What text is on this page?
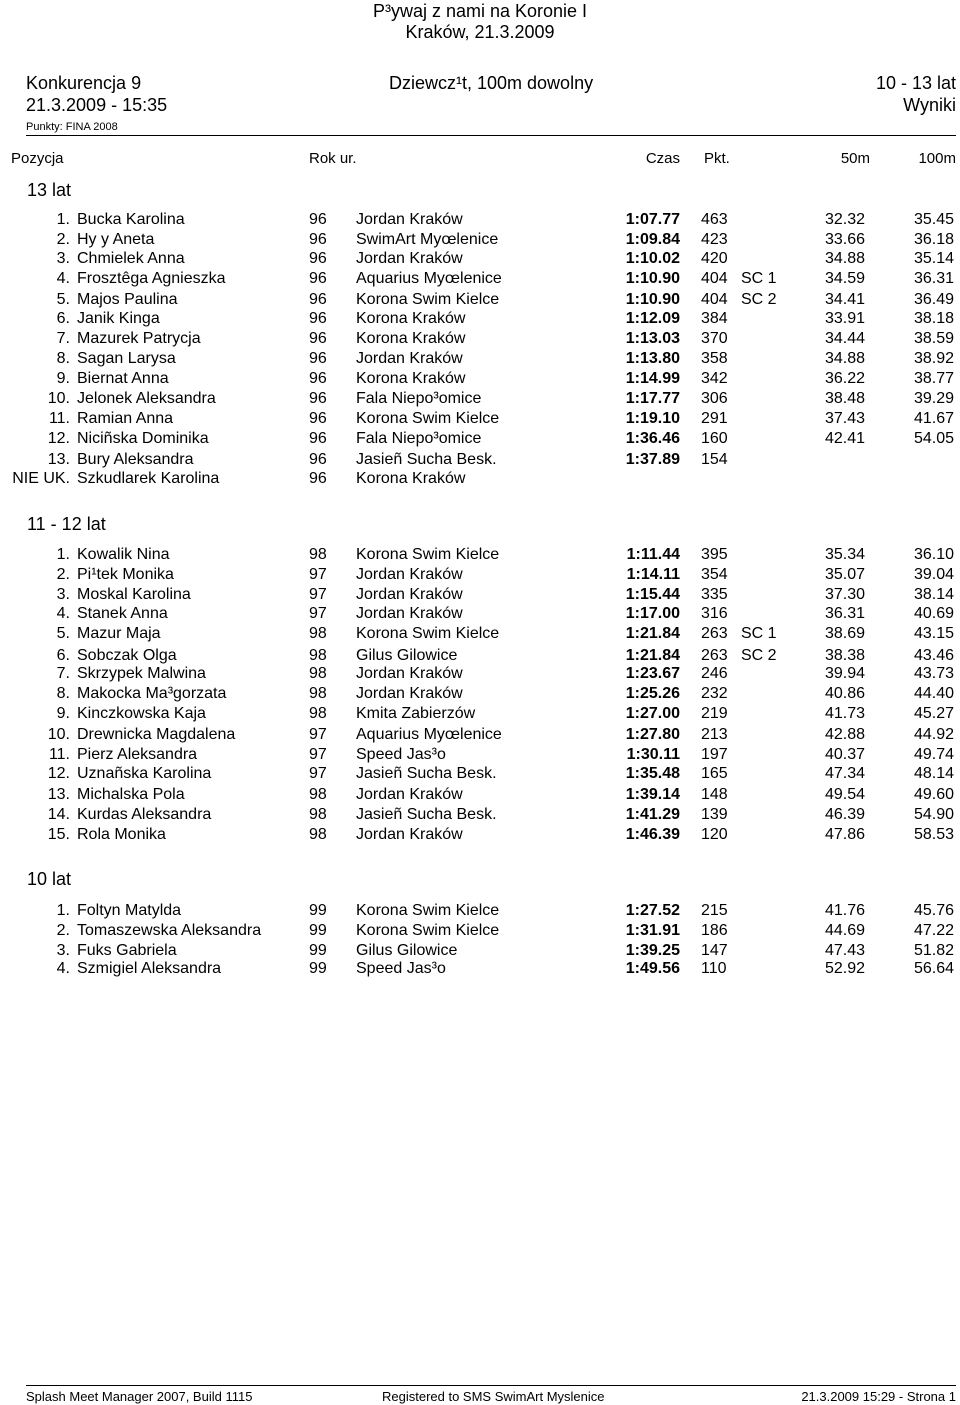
P³ywaj z nami na Koronie I
Kraków, 21.3.2009
Konkurencja 9	Dziewcz¹t, 100m dowolny	10 - 13 lat
21.3.2009 - 15:35	Wyniki
Punkty: FINA 2008
Pozycja	Rok ur.	Czas Pkt.	50m	100m
13 lat
1. Bucka Karolina	96 Jordan Kraków	1:07.77 463	32.32	35.45
2. Hy y Aneta	96 SwimArt Myœlenice	1:09.84 423	33.66	36.18
3. Chmielek Anna	96 Jordan Kraków	1:10.02 420	34.88	35.14
4. Frosztêga Agnieszka	96 Aquarius Myœlenice	1:10.90 404 SC 1	34.59	36.31
5. Majos Paulina	96 Korona Swim Kielce	1:10.90 404 SC 2	34.41	36.49
6. Janik Kinga	96 Korona Kraków	1:12.09 384	33.91	38.18
7. Mazurek Patrycja	96 Korona Kraków	1:13.03 370	34.44	38.59
8. Sagan Larysa	96 Jordan Kraków	1:13.80 358	34.88	38.92
9. Biernat Anna	96 Korona Kraków	1:14.99 342	36.22	38.77
10. Jelonek Aleksandra	96 Fala Niepo³omice	1:17.77 306	38.48	39.29
11. Ramian Anna	96 Korona Swim Kielce	1:19.10 291	37.43	41.67
12. Niciñska Dominika	96 Fala Niepo³omice	1:36.46 160	42.41	54.05
13. Bury Aleksandra	96 Jasieñ Sucha Besk.	1:37.89 154
NIE UK. Szkudlarek Karolina	96 Korona Kraków
11 - 12 lat
1. Kowalik Nina	98 Korona Swim Kielce	1:11.44 395	35.34	36.10
2. Pi¹tek Monika	97 Jordan Kraków	1:14.11 354	35.07	39.04
3. Moskal Karolina	97 Jordan Kraków	1:15.44 335	37.30	38.14
4. Stanek Anna	97 Jordan Kraków	1:17.00 316	36.31	40.69
5. Mazur Maja	98 Korona Swim Kielce	1:21.84 263 SC 1	38.69	43.15
6. Sobczak Olga	98 Gilus Gilowice	1:21.84 263 SC 2	38.38	43.46
7. Skrzypek Malwina	98 Jordan Kraków	1:23.67 246	39.94	43.73
8. Makocka Ma³gorzata	98 Jordan Kraków	1:25.26 232	40.86	44.40
9. Kinczkowska Kaja	98 Kmita Zabierzów	1:27.00 219	41.73	45.27
10. Drewnicka Magdalena	97 Aquarius Myœlenice	1:27.80 213	42.88	44.92
11. Pierz Aleksandra	97 Speed Jas³o	1:30.11 197	40.37	49.74
12. Uznañska Karolina	97 Jasieñ Sucha Besk.	1:35.48 165	47.34	48.14
13. Michalska Pola	98 Jordan Kraków	1:39.14 148	49.54	49.60
14. Kurdas Aleksandra	98 Jasieñ Sucha Besk.	1:41.29 139	46.39	54.90
15. Rola Monika	98 Jordan Kraków	1:46.39 120	47.86	58.53
10 lat
1. Foltyn Matylda	99 Korona Swim Kielce	1:27.52 215	41.76	45.76
2. Tomaszewska Aleksandra	99 Korona Swim Kielce	1:31.91 186	44.69	47.22
3. Fuks Gabriela	99 Gilus Gilowice	1:39.25 147	47.43	51.82
4. Szmigiel Aleksandra	99 Speed Jas³o	1:49.56 110	52.92	56.64
Splash Meet Manager 2007, Build 1115	Registered to SMS SwimArt Myslenice	21.3.2009 15:29 - Strona 1
